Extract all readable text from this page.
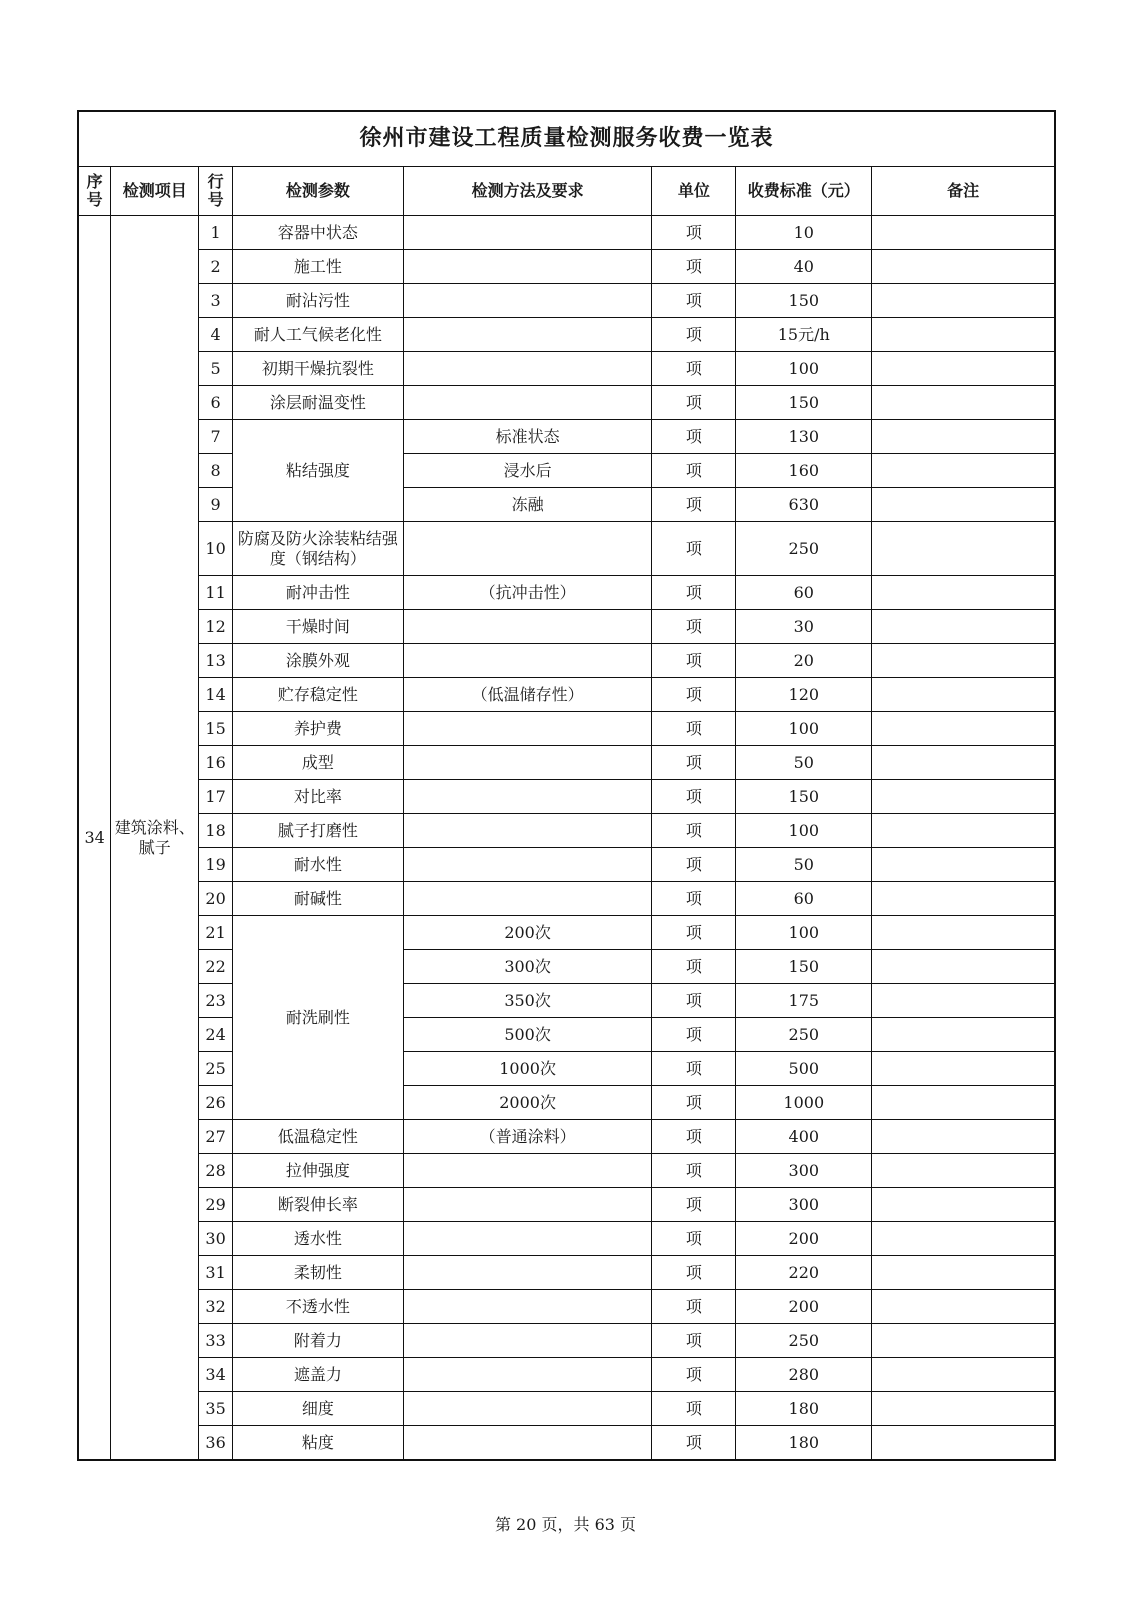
徐州市建设工程质量检测服务收费一览表							
序号	检测项目	行号	检测参数	检测方法及要求	单位	收费标准（元）	备注
34	建筑涂料、腻子	1	容器中状态		项	10	
		2	施工性		项	40	
		3	耐沾污性		项	150	
		4	耐人工气候老化性		项	15元/h	
		5	初期干燥抗裂性		项	100	
		6	涂层耐温变性		项	150	
		7	粘结强度	标准状态	项	130	
		8		浸水后	项	160	
		9		冻融	项	630	
		10	防腐及防火涂装粘结强度（钢结构）		项	250	
		11	耐冲击性	（抗冲击性）	项	60	
		12	干燥时间		项	30	
		13	涂膜外观		项	20	
		14	贮存稳定性	（低温储存性）	项	120	
		15	养护费		项	100	
		16	成型		项	50	
		17	对比率		项	150	
		18	腻子打磨性		项	100	
		19	耐水性		项	50	
		20	耐碱性		项	60	
		21	耐洗刷性	200次	项	100	
		22		300次	项	150	
		23		350次	项	175	
		24		500次	项	250	
		25		1000次	项	500	
		26		2000次	项	1000	
		27	低温稳定性	（普通涂料）	项	400	
		28	拉伸强度		项	300	
		29	断裂伸长率		项	300	
		30	透水性		项	200	
		31	柔韧性		项	220	
		32	不透水性		项	200	
		33	附着力		项	250	
		34	遮盖力		项	280	
		35	细度		项	180	
		36	粘度		项	180	
第 20 页，共 63 页
